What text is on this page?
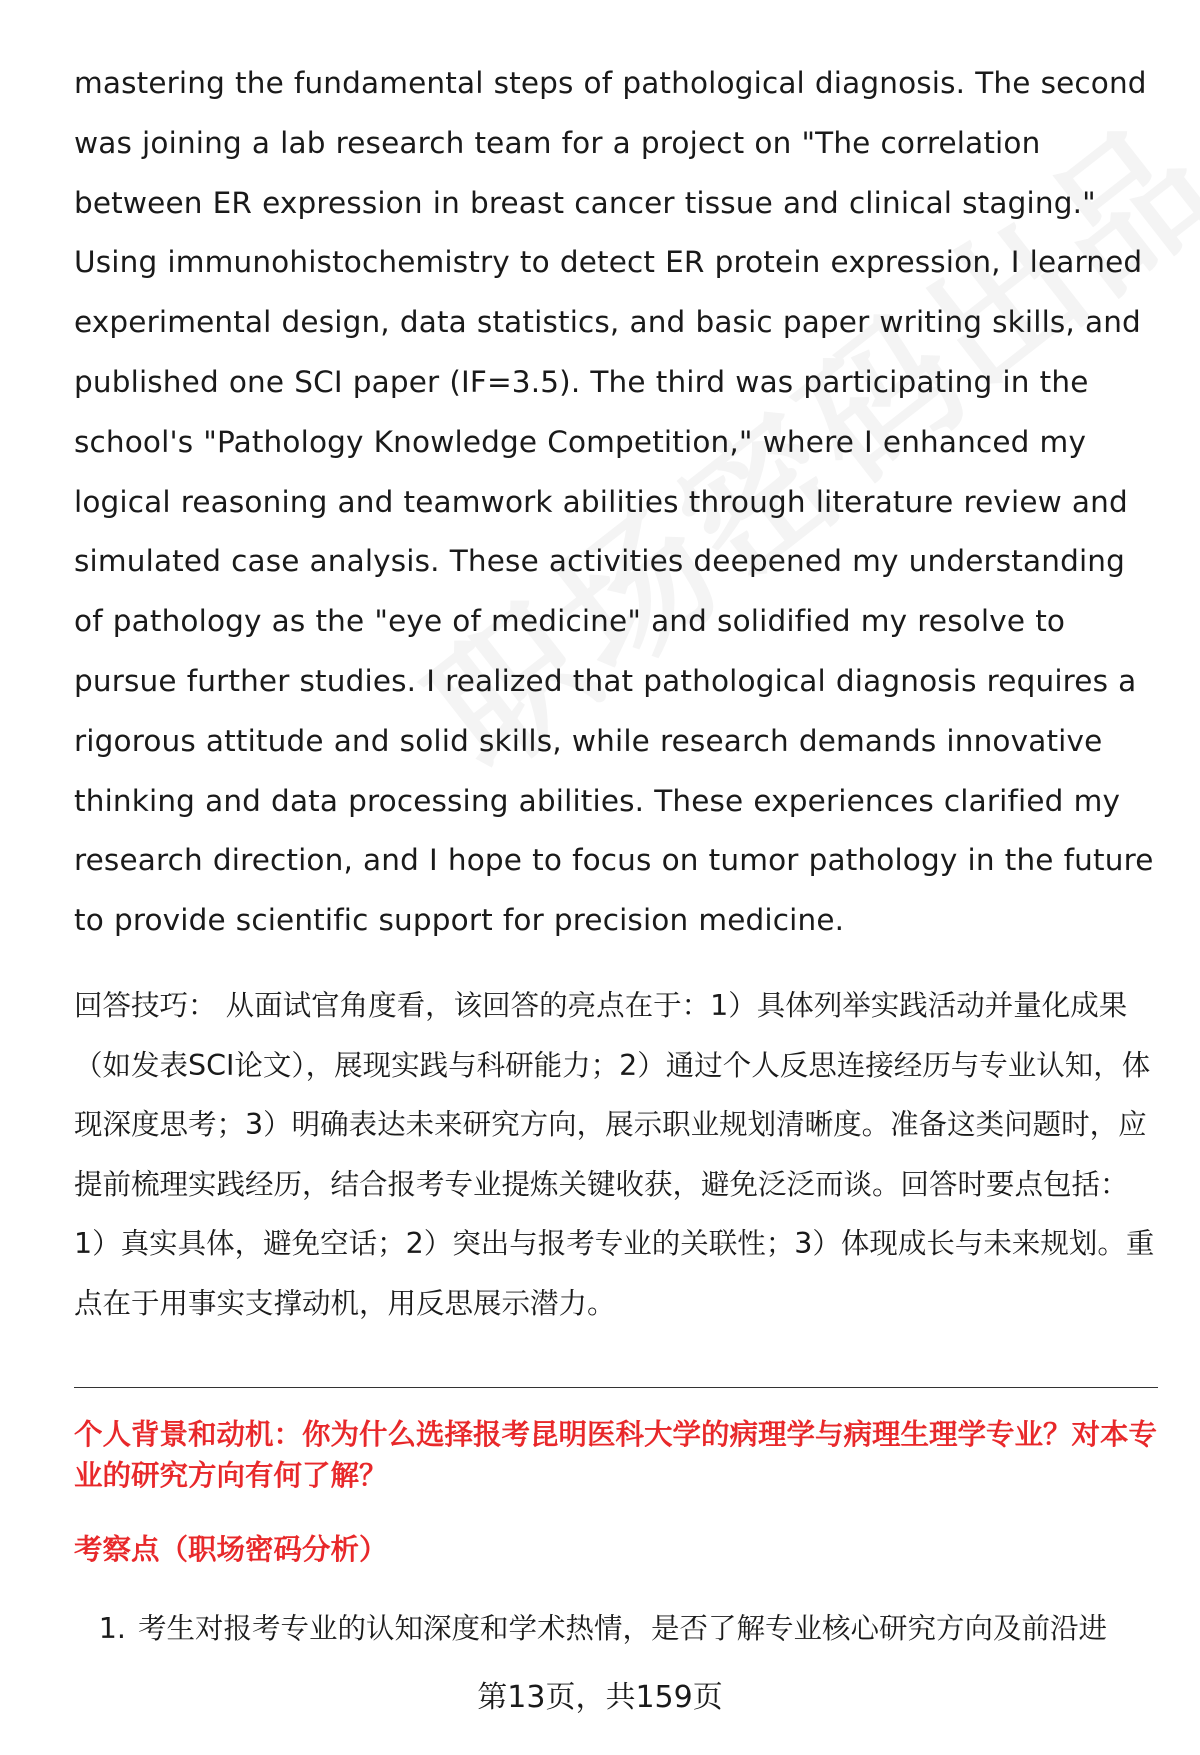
mastering the fundamental steps of pathological diagnosis. The second was joining a lab research team for a project on "The correlation between ER expression in breast cancer tissue and clinical staging." Using immunohistochemistry to detect ER protein expression, I learned experimental design, data statistics, and basic paper writing skills, and published one SCI paper (IF=3.5). The third was participating in the school's "Pathology Knowledge Competition," where I enhanced my logical reasoning and teamwork abilities through literature review and simulated case analysis. These activities deepened my understanding of pathology as the "eye of medicine" and solidified my resolve to pursue further studies. I realized that pathological diagnosis requires a rigorous attitude and solid skills, while research demands innovative thinking and data processing abilities. These experiences clarified my research direction, and I hope to focus on tumor pathology in the future to provide scientific support for precision medicine.

回答技巧： 从面试官角度看，该回答的亮点在于：1）具体列举实践活动并量化成果（如发表SCI论文），展现实践与科研能力；2）通过个人反思连接经历与专业认知，体现深度思考；3）明确表达未来研究方向，展示职业规划清晰度。准备这类问题时，应提前梳理实践经历，结合报考专业提炼关键收获，避免泛泛而谈。回答时要点包括：1）真实具体，避免空话；2）突出与报考专业的关联性；3）体现成长与未来规划。重点在于用事实支撑动机，用反思展示潜力。

个人背景和动机：你为什么选择报考昆明医科大学的病理学与病理生理学专业？对本专业的研究方向有何了解？

考察点（职场密码分析）

1. 考生对报考专业的认知深度和学术热情，是否了解专业核心研究方向及前沿进
第13页，共159页
